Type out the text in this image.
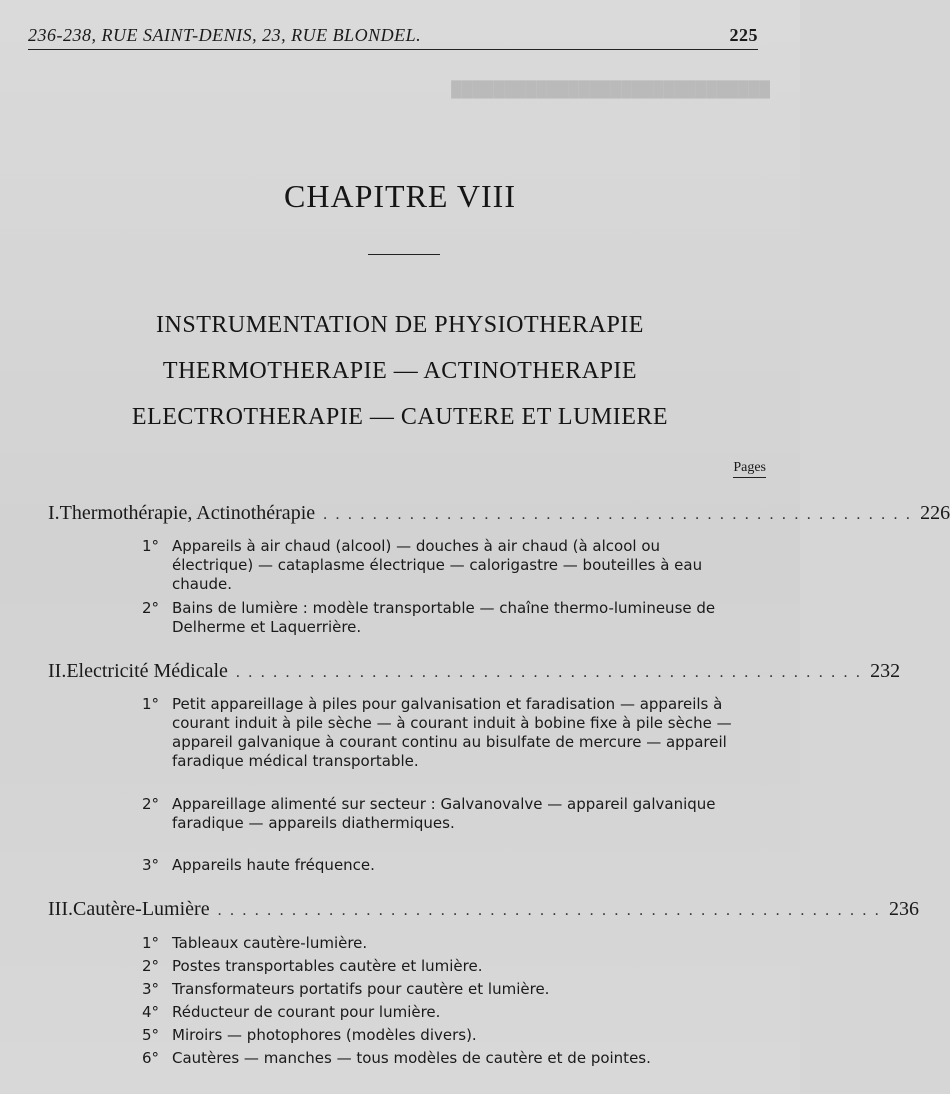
██████████████████████████████
236-238, RUE SAINT-DENIS, 23, RUE BLONDEL.	225
CHAPITRE VIII
INSTRUMENTATION DE PHYSIOTHERAPIE
THERMOTHERAPIE — ACTINOTHERAPIE
ELECTROTHERAPIE — CAUTERE ET LUMIERE
Pages
I. Thermothérapie, Actinothérapie . . . . . . . . . . . . . . . . . . . . . . . . . . . . . . . . . . . . . . . . . . . . . . . . 226
1° Appareils à air chaud (alcool) — douches à air chaud (à alcool ou électrique) — cataplasme électrique — calorigastre — bouteilles à eau chaude.
2° Bains de lumière : modèle transportable — chaîne thermo-lumineuse de Delherme et Laquerrière.
II. Electricité Médicale . . . . . . . . . . . . . . . . . . . . . . . . . . . . . . . . . . . . . . . . . . . . . . . . . . . 232
1° Petit appareillage à piles pour galvanisation et faradisation — appareils à courant induit à pile sèche — à courant induit à bobine fixe à pile sèche — appareil galvanique à courant continu au bisulfate de mercure — appareil faradique médical transportable.
2° Appareillage alimenté sur secteur : Galvanovalve — appareil galvanique faradique — appareils diathermiques.
3° Appareils haute fréquence.
III. Cautère-Lumière . . . . . . . . . . . . . . . . . . . . . . . . . . . . . . . . . . . . . . . . . . . . . . . . . . . . . . 236
1° Tableaux cautère-lumière.
2° Postes transportables cautère et lumière.
3° Transformateurs portatifs pour cautère et lumière.
4° Réducteur de courant pour lumière.
5° Miroirs — photophores (modèles divers).
6° Cautères — manches — tous modèles de cautère et de pointes.
